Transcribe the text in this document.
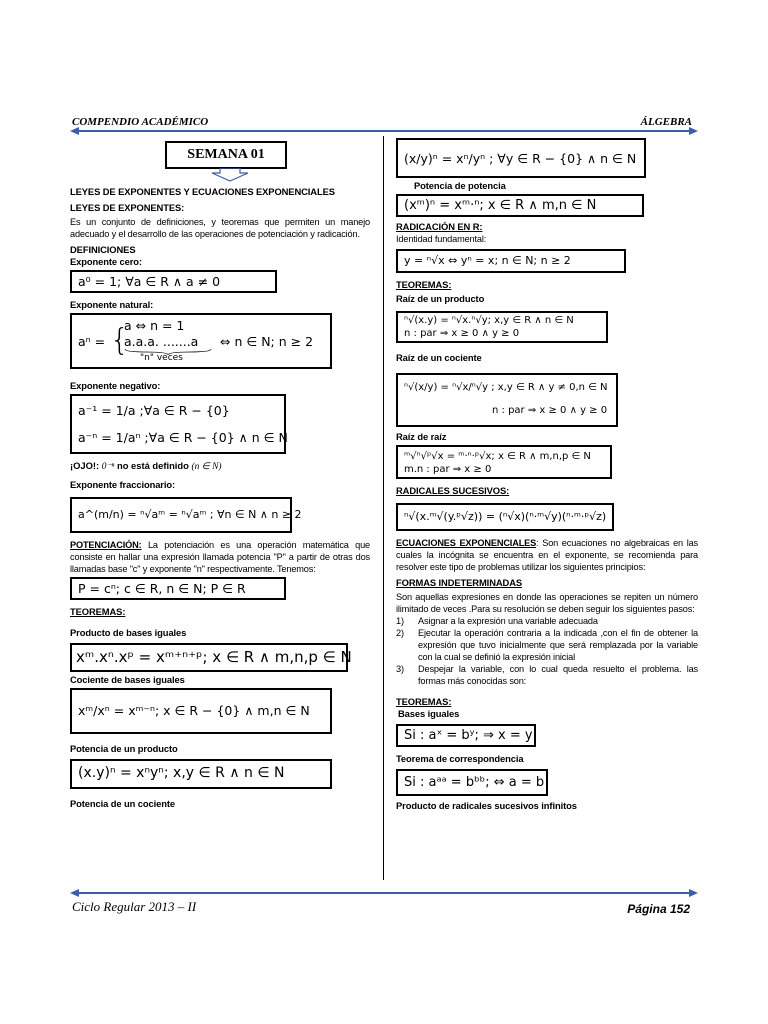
COMPENDIO ACADÉMICO	ÁLGEBRA
SEMANA 01
LEYES DE EXPONENTES Y ECUACIONES EXPONENCIALES
LEYES DE EXPONENTES:
Es un conjunto de definiciones, y teoremas que permiten un manejo adecuado y el desarrollo de las operaciones de potenciación y radicación.
DEFINICIONES
Exponente cero:
a⁰ = 1; ∀a ∈ R ∧ a ≠ 0
Exponente natural:
aⁿ = {
a ⇔ n = 1
a.a.a. .......a
"n" veces
⇔ n ∈ N; n ≥ 2
Exponente negativo:
a⁻¹ = 1/a ;∀a ∈ R − {0}
a⁻ⁿ = 1/aⁿ ;∀a ∈ R − {0} ∧ n ∈ N
¡OJO!: 0⁻ⁿ no está definido (n ∈ N)
Exponente fraccionario:
a^(m/n) = ⁿ√aᵐ = ⁿ√aᵐ ; ∀n ∈ N ∧ n ≥ 2
POTENCIACIÓN: La potenciación es una operación matemática que consiste en hallar una expresión llamada potencia "P" a partir de otras dos llamadas base "c" y exponente "n" respectivamente. Tenemos:
P = cⁿ; c ∈ R, n ∈ N; P ∈ R
TEOREMAS:
Producto de bases iguales
xᵐ.xⁿ.xᵖ = xᵐ⁺ⁿ⁺ᵖ; x ∈ R ∧ m,n,p ∈ N
Cociente de bases iguales
xᵐ/xⁿ = xᵐ⁻ⁿ; x ∈ R − {0} ∧ m,n ∈ N
Potencia de un producto
(x.y)ⁿ = xⁿyⁿ; x,y ∈ R ∧ n ∈ N
Potencia de un cociente
(x/y)ⁿ = xⁿ/yⁿ ; ∀y ∈ R − {0} ∧ n ∈ N
Potencia de potencia
(xᵐ)ⁿ = xᵐ·ⁿ; x ∈ R ∧ m,n ∈ N
RADICACIÓN EN R:
Identidad fundamental:
y = ⁿ√x ⇔ yⁿ = x; n ∈ N; n ≥ 2
TEOREMAS:
Raíz de un producto
ⁿ√(x.y) = ⁿ√x.ⁿ√y; x,y ∈ R ∧ n ∈ N
n : par ⇒ x ≥ 0 ∧ y ≥ 0
Raíz de un cociente
ⁿ√(x/y) = ⁿ√x/ⁿ√y ; x,y ∈ R ∧ y ≠ 0,n ∈ N
n : par ⇒ x ≥ 0 ∧ y ≥ 0
Raíz de raíz
ᵐ√ⁿ√ᵖ√x = ᵐ·ⁿ·ᵖ√x; x ∈ R ∧ m,n,p ∈ N
m.n : par ⇒ x ≥ 0
RADICALES SUCESIVOS:
ⁿ√(x.ᵐ√(y.ᵖ√z)) = (ⁿ√x)(ⁿ·ᵐ√y)(ⁿ·ᵐ·ᵖ√z)
ECUACIONES EXPONENCIALES: Son ecuaciones no algebraicas en las cuales la incógnita se encuentra en el exponente, se recomienda para resolver este tipo de problemas utilizar los siguientes principios:
FORMAS INDETERMINADAS
Son aquellas expresiones en donde las operaciones se repiten un número ilimitado de veces .Para su resolución se deben seguir los siguientes pasos:
1)	Asignar a la expresión una variable adecuada
2)	Ejecutar la operación contraria a la indicada ,con el fin de obtener la expresión que tuvo inicialmente que será remplazada por la variable con la cual se definió la expresión inicial
3)	Despejar la variable, con lo cual queda resuelto el problema. las formas más conocidas son:
TEOREMAS:
Bases iguales
Si : aˣ = bʸ; ⇒ x = y
Teorema de correspondencia
Si : aᵃᵃ = bᵇᵇ; ⇔ a = b
Producto de radicales sucesivos infinitos
Ciclo Regular 2013 – II	Página 152
